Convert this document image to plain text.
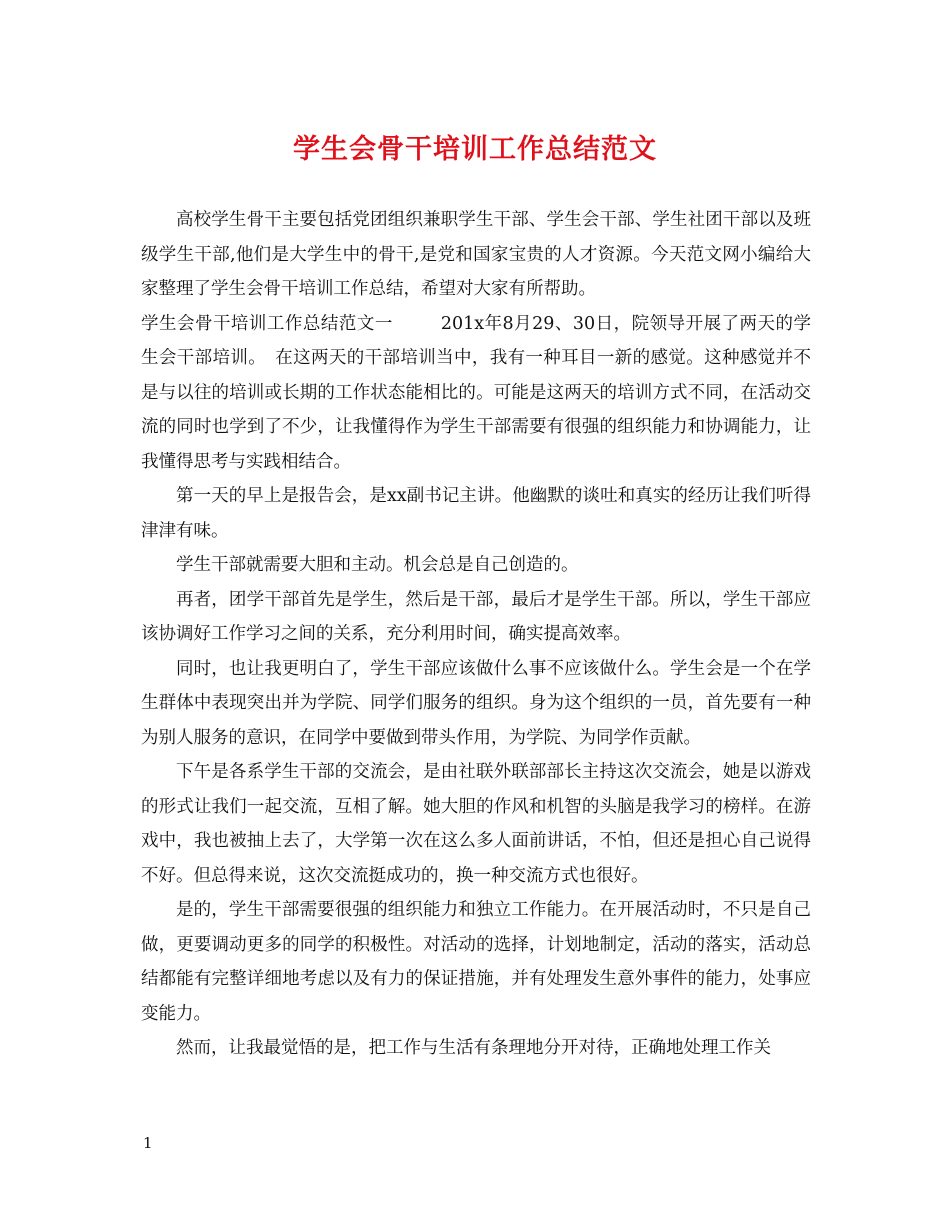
学生会骨干培训工作总结范文

高校学生骨干主要包括党团组织兼职学生干部、学生会干部、学生社团干部以及班级学生干部,他们是大学生中的骨干,是党和国家宝贵的人才资源。今天范文网小编给大家整理了学生会骨干培训工作总结，希望对大家有所帮助。

学生会骨干培训工作总结范文一	201x年8月29、30日，院领导开展了两天的学生会干部培训。　 在这两天的干部培训当中，我有一种耳目一新的感觉。这种感觉并不是与以往的培训或长期的工作状态能相比的。可能是这两天的培训方式不同，在活动交流的同时也学到了不少，让我懂得作为学生干部需要有很强的组织能力和协调能力，让我懂得思考与实践相结合。

第一天的早上是报告会，是xx副书记主讲。他幽默的谈吐和真实的经历让我们听得津津有味。

学生干部就需要大胆和主动。机会总是自己创造的。

再者，团学干部首先是学生，然后是干部，最后才是学生干部。所以，学生干部应该协调好工作学习之间的关系，充分利用时间，确实提高效率。

同时，也让我更明白了，学生干部应该做什么事不应该做什么。学生会是一个在学生群体中表现突出并为学院、同学们服务的组织。身为这个组织的一员，首先要有一种为别人服务的意识，在同学中要做到带头作用，为学院、为同学作贡献。

下午是各系学生干部的交流会，是由社联外联部部长主持这次交流会，她是以游戏的形式让我们一起交流，互相了解。她大胆的作风和机智的头脑是我学习的榜样。在游戏中，我也被抽上去了，大学第一次在这么多人面前讲话，不怕，但还是担心自己说得不好。但总得来说，这次交流挺成功的，换一种交流方式也很好。

是的，学生干部需要很强的组织能力和独立工作能力。在开展活动时，不只是自己做，更要调动更多的同学的积极性。对活动的选择，计划地制定，活动的落实，活动总结都能有完整详细地考虑以及有力的保证措施，并有处理发生意外事件的能力，处事应变能力。

然而，让我最觉悟的是，把工作与生活有条理地分开对待，正确地处理工作关

1
